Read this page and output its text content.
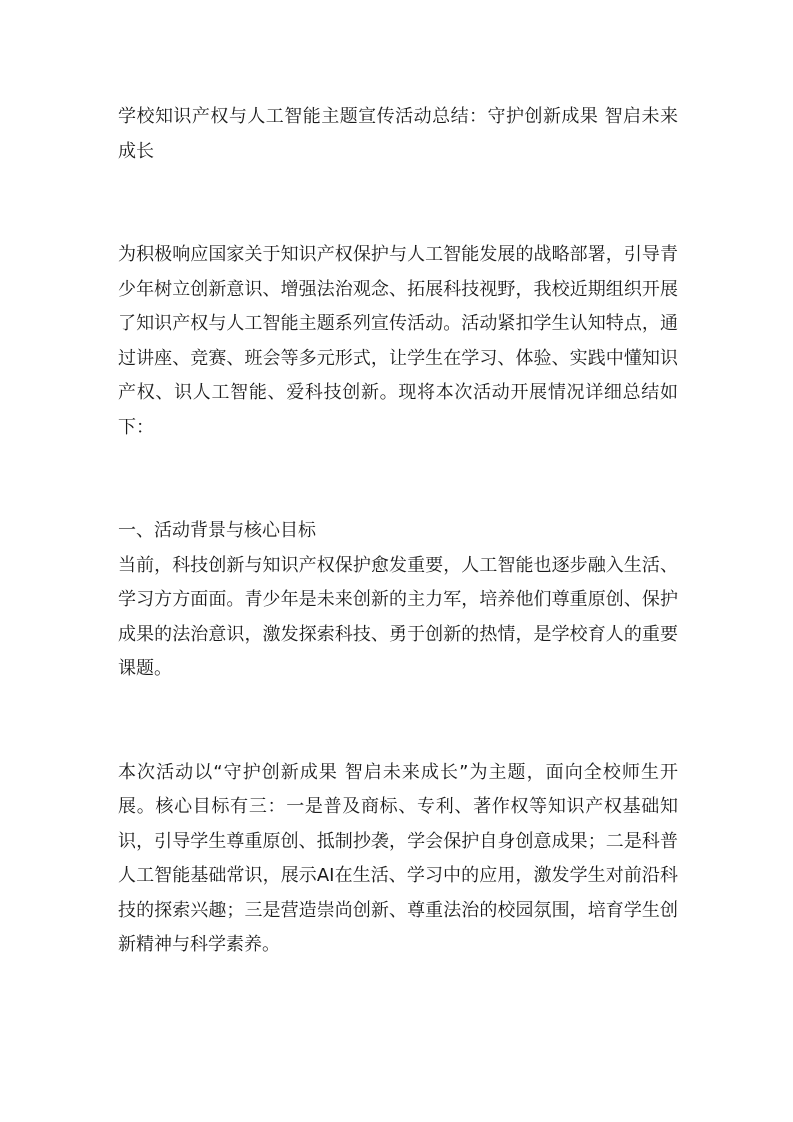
学校知识产权与人工智能主题宣传活动总结：守护创新成果 智启未来成长

为积极响应国家关于知识产权保护与人工智能发展的战略部署，引导青少年树立创新意识、增强法治观念、拓展科技视野，我校近期组织开展了知识产权与人工智能主题系列宣传活动。活动紧扣学生认知特点，通过讲座、竞赛、班会等多元形式，让学生在学习、体验、实践中懂知识产权、识人工智能、爱科技创新。现将本次活动开展情况详细总结如下：

一、活动背景与核心目标

当前，科技创新与知识产权保护愈发重要，人工智能也逐步融入生活、学习方方面面。青少年是未来创新的主力军，培养他们尊重原创、保护成果的法治意识，激发探索科技、勇于创新的热情，是学校育人的重要课题。

本次活动以“守护创新成果 智启未来成长”为主题，面向全校师生开展。核心目标有三：一是普及商标、专利、著作权等知识产权基础知识，引导学生尊重原创、抵制抄袭，学会保护自身创意成果；二是科普人工智能基础常识，展示AI在生活、学习中的应用，激发学生对前沿科技的探索兴趣；三是营造崇尚创新、尊重法治的校园氛围，培育学生创新精神与科学素养。
